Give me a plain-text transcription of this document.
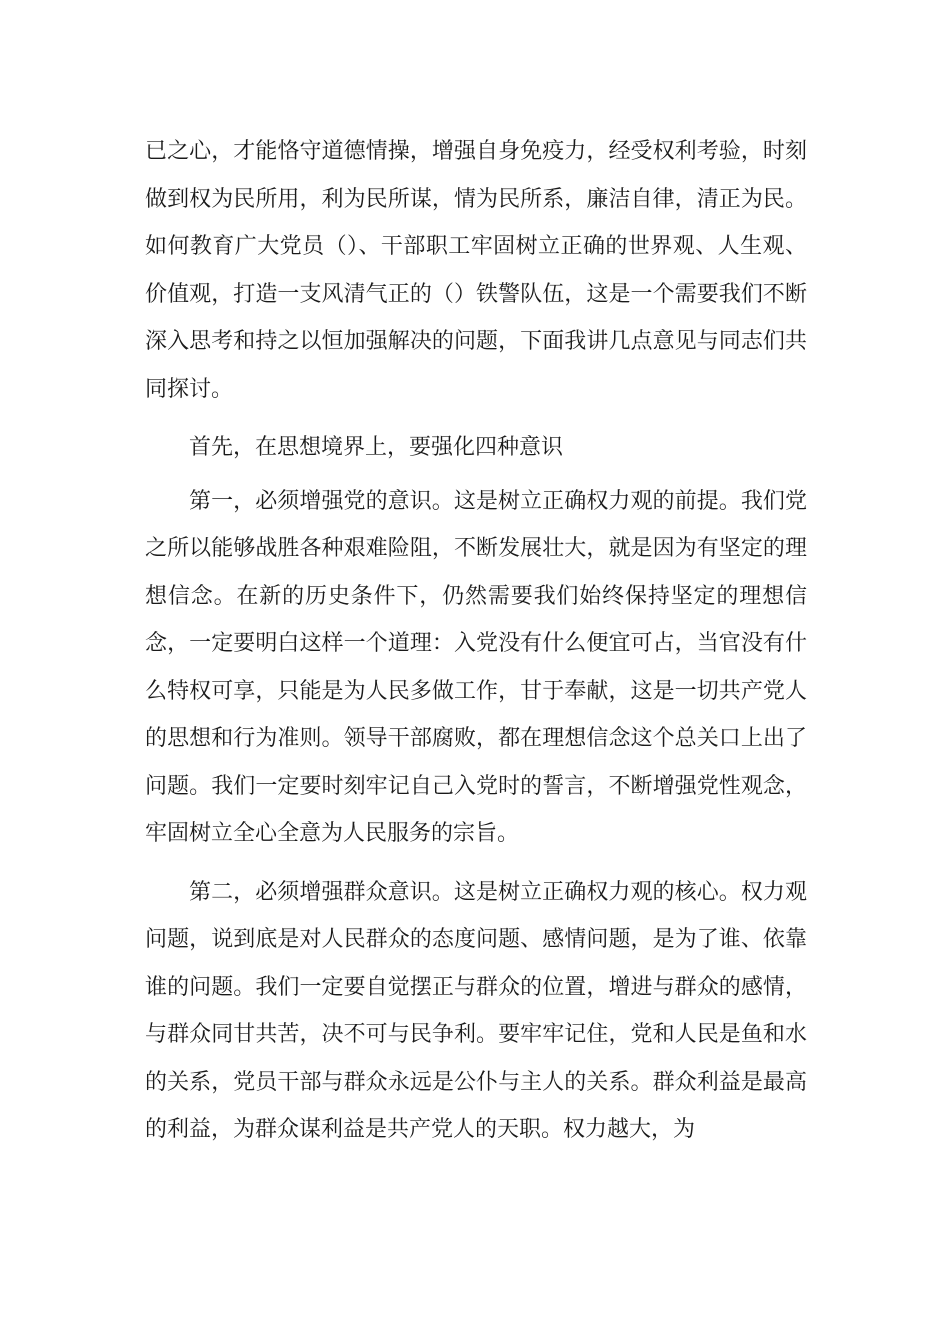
已之心，才能恪守道德情操，增强自身免疫力，经受权利考验，时刻做到权为民所用，利为民所谋，情为民所系，廉洁自律，清正为民。如何教育广大党员（）、干部职工牢固树立正确的世界观、人生观、价值观，打造一支风清气正的（）铁警队伍，这是一个需要我们不断深入思考和持之以恒加强解决的问题，下面我讲几点意见与同志们共同探讨。

首先，在思想境界上，要强化四种意识

第一，必须增强党的意识。这是树立正确权力观的前提。我们党之所以能够战胜各种艰难险阻，不断发展壮大，就是因为有坚定的理想信念。在新的历史条件下，仍然需要我们始终保持坚定的理想信念，一定要明白这样一个道理：入党没有什么便宜可占，当官没有什么特权可享，只能是为人民多做工作，甘于奉献，这是一切共产党人的思想和行为准则。领导干部腐败，都在理想信念这个总关口上出了问题。我们一定要时刻牢记自己入党时的誓言，不断增强党性观念，牢固树立全心全意为人民服务的宗旨。

第二，必须增强群众意识。这是树立正确权力观的核心。权力观问题，说到底是对人民群众的态度问题、感情问题，是为了谁、依靠谁的问题。我们一定要自觉摆正与群众的位置，增进与群众的感情，与群众同甘共苦，决不可与民争利。要牢牢记住，党和人民是鱼和水的关系，党员干部与群众永远是公仆与主人的关系。群众利益是最高的利益，为群众谋利益是共产党人的天职。权力越大，为
